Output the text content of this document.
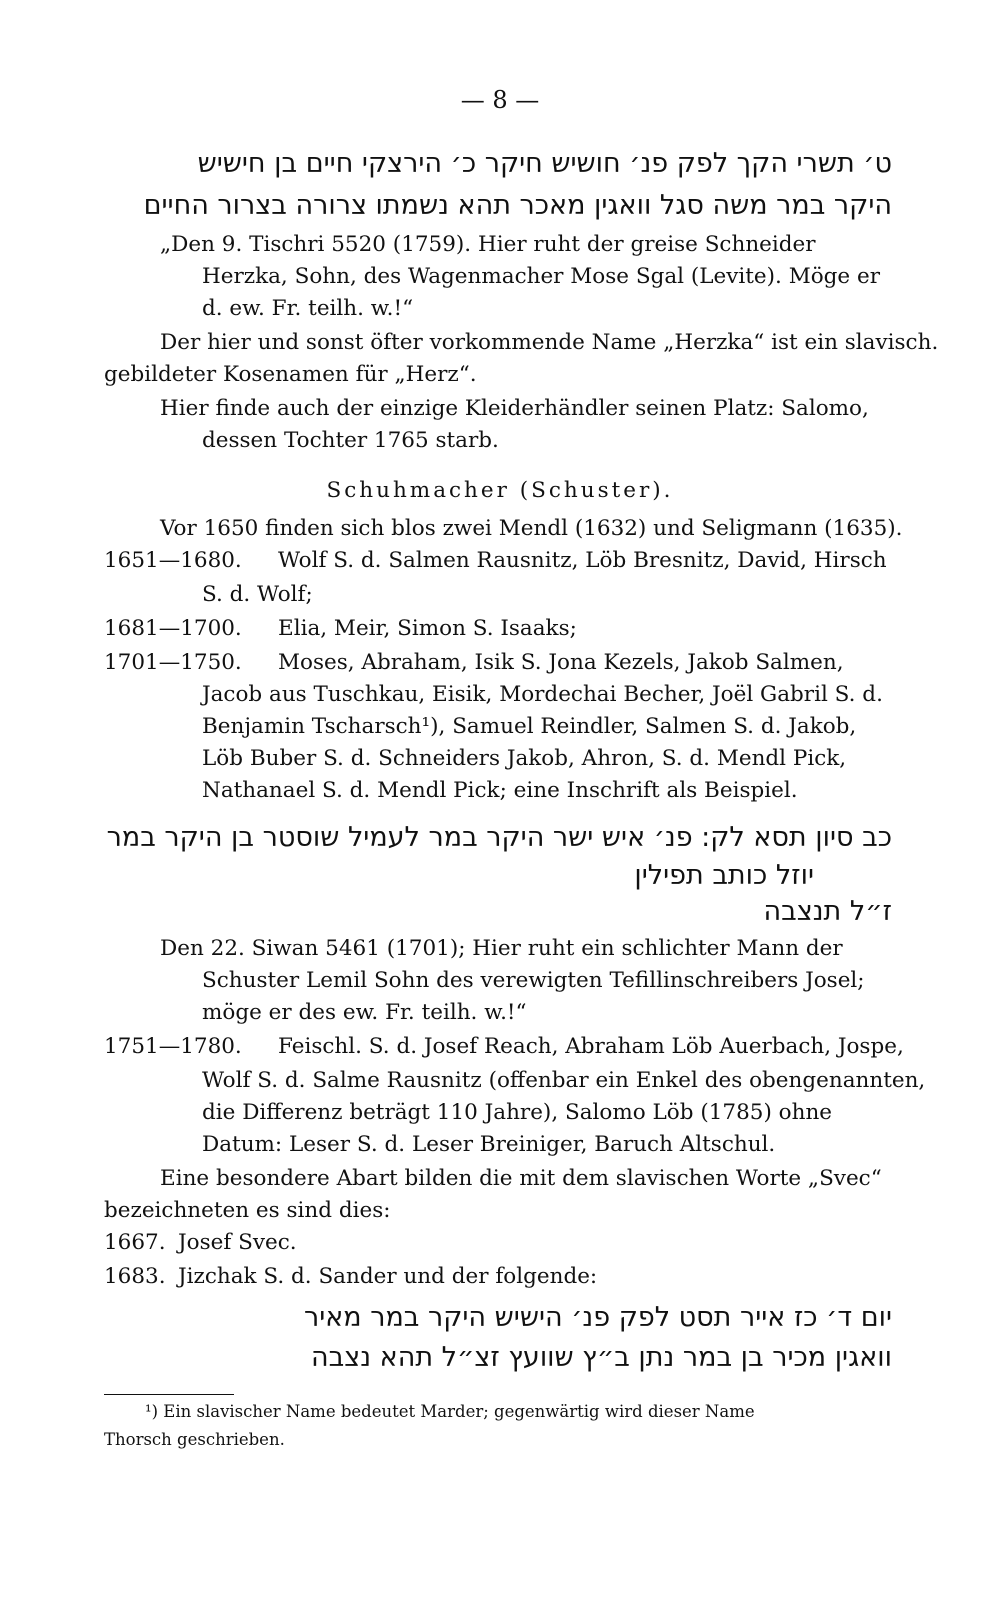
— 8 —
ט׳ תשרי הקך לפק פנ׳ חושיש חיקר כ׳ הירצקי חיים בן חישיש
היקר במר משה סגל וואגין מאכר תהא נשמתו צרורה בצרור החיים
„Den 9. Tischri 5520 (1759). Hier ruht der greise Schneider
Herzka, Sohn, des Wagenmacher Mose Sgal (Levite). Möge er
d. ew. Fr. teilh. w.!“
Der hier und sonst öfter vorkommende Name „Herzka“ ist ein slavisch.
gebildeter Kosenamen für „Herz“.
Hier finde auch der einzige Kleiderhändler seinen Platz: Salomo,
dessen Tochter 1765 starb.
Schuhmacher (Schuster).
Vor 1650 finden sich blos zwei Mendl (1632) und Seligmann (1635).
1651—1680. Wolf S. d. Salmen Rausnitz, Löb Bresnitz, David, Hirsch
S. d. Wolf;
1681—1700. Elia, Meir, Simon S. Isaaks;
1701—1750. Moses, Abraham, Isik S. Jona Kezels, Jakob Salmen,
Jacob aus Tuschkau, Eisik, Mordechai Becher, Joël Gabril S. d.
Benjamin Tscharsch¹), Samuel Reindler, Salmen S. d. Jakob,
Löb Buber S. d. Schneiders Jakob, Ahron, S. d. Mendl Pick,
Nathanael S. d. Mendl Pick; eine Inschrift als Beispiel.
כב סיון תסא לק: פנ׳ איש ישר היקר במר לעמיל שוסטר בן היקר במר
יוזל כותב תפילין
ז״ל תנצבה
Den 22. Siwan 5461 (1701); Hier ruht ein schlichter Mann der
Schuster Lemil Sohn des verewigten Tefillinschreibers Josel;
möge er des ew. Fr. teilh. w.!“
1751—1780. Feischl. S. d. Josef Reach, Abraham Löb Auerbach, Jospe,
Wolf S. d. Salme Rausnitz (offenbar ein Enkel des obengenannten,
die Differenz beträgt 110 Jahre), Salomo Löb (1785) ohne
Datum: Leser S. d. Leser Breiniger, Baruch Altschul.
Eine besondere Abart bilden die mit dem slavischen Worte „Svec“
bezeichneten es sind dies:
1667. Josef Svec.
1683. Jizchak S. d. Sander und der folgende:
יום ד׳ כז אייר תסט לפק פנ׳ הישיש היקר במר מאיר
וואגין מכיר בן במר נתן ב״ץ שוועץ זצ״ל תהא נצבה
¹) Ein slavischer Name bedeutet Marder; gegenwärtig wird dieser Name
Thorsch geschrieben.
